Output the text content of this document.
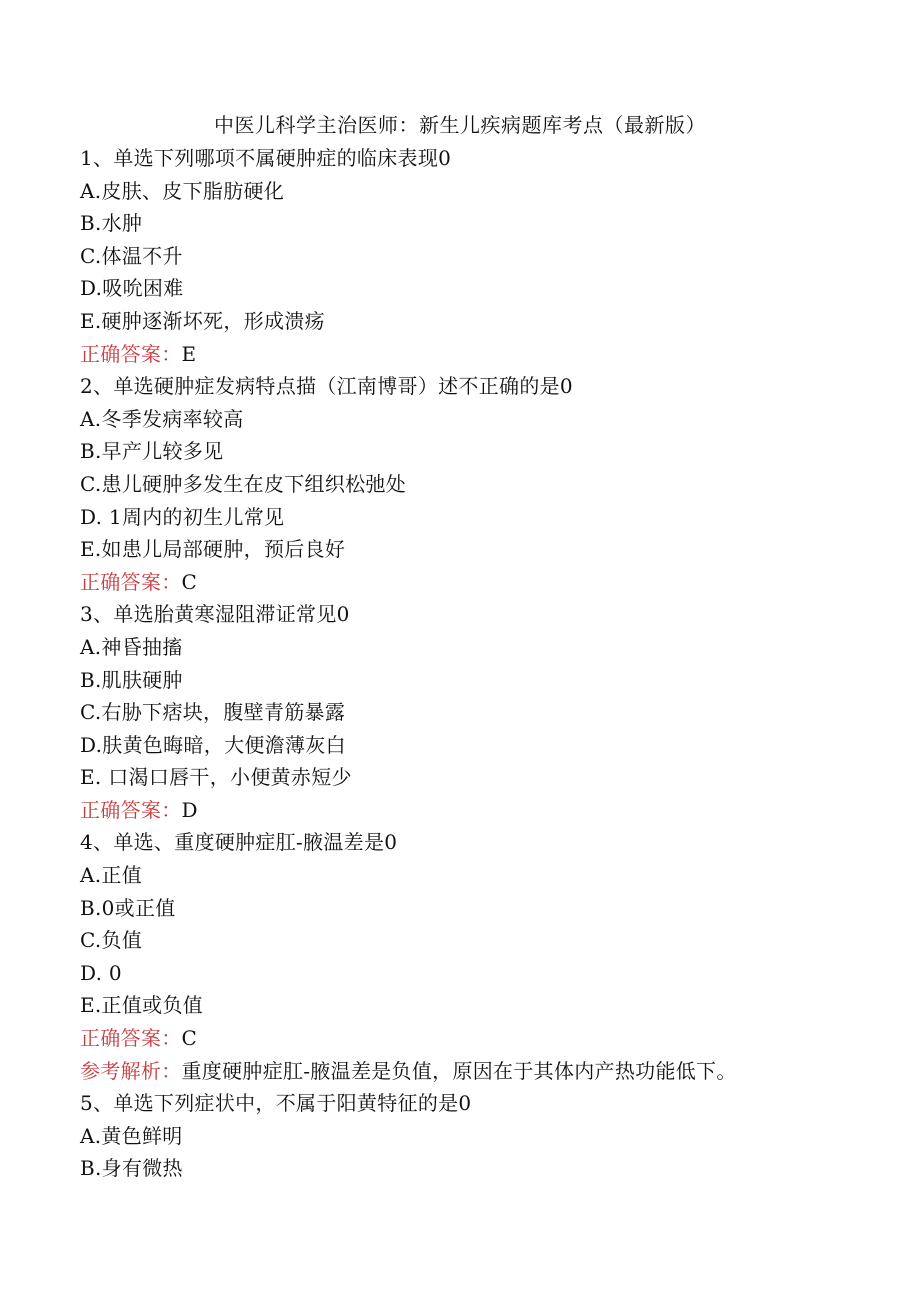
中医儿科学主治医师：新生儿疾病题库考点（最新版）
1、单选下列哪项不属硬肿症的临床表现0
A.皮肤、皮下脂肪硬化
B.水肿
C.体温不升
D.吸吮困难
E.硬肿逐渐坏死，形成溃疡
正确答案：E
2、单选硬肿症发病特点描（江南博哥）述不正确的是0
A.冬季发病率较高
B.早产儿较多见
C.患儿硬肿多发生在皮下组织松弛处
D. 1周内的初生儿常见
E.如患儿局部硬肿，预后良好
正确答案：C
3、单选胎黄寒湿阻滞证常见0
A.神昏抽搐
B.肌肤硬肿
C.右胁下痞块，腹壁青筋暴露
D.肤黄色晦暗，大便澹薄灰白
E. 口渴口唇干，小便黄赤短少
正确答案：D
4、单选、重度硬肿症肛-腋温差是0
A.正值
B.0或正值
C.负值
D. 0
E.正值或负值
正确答案：C
参考解析：重度硬肿症肛-腋温差是负值，原因在于其体内产热功能低下。
5、单选下列症状中，不属于阳黄特征的是0
A.黄色鲜明
B.身有微热
